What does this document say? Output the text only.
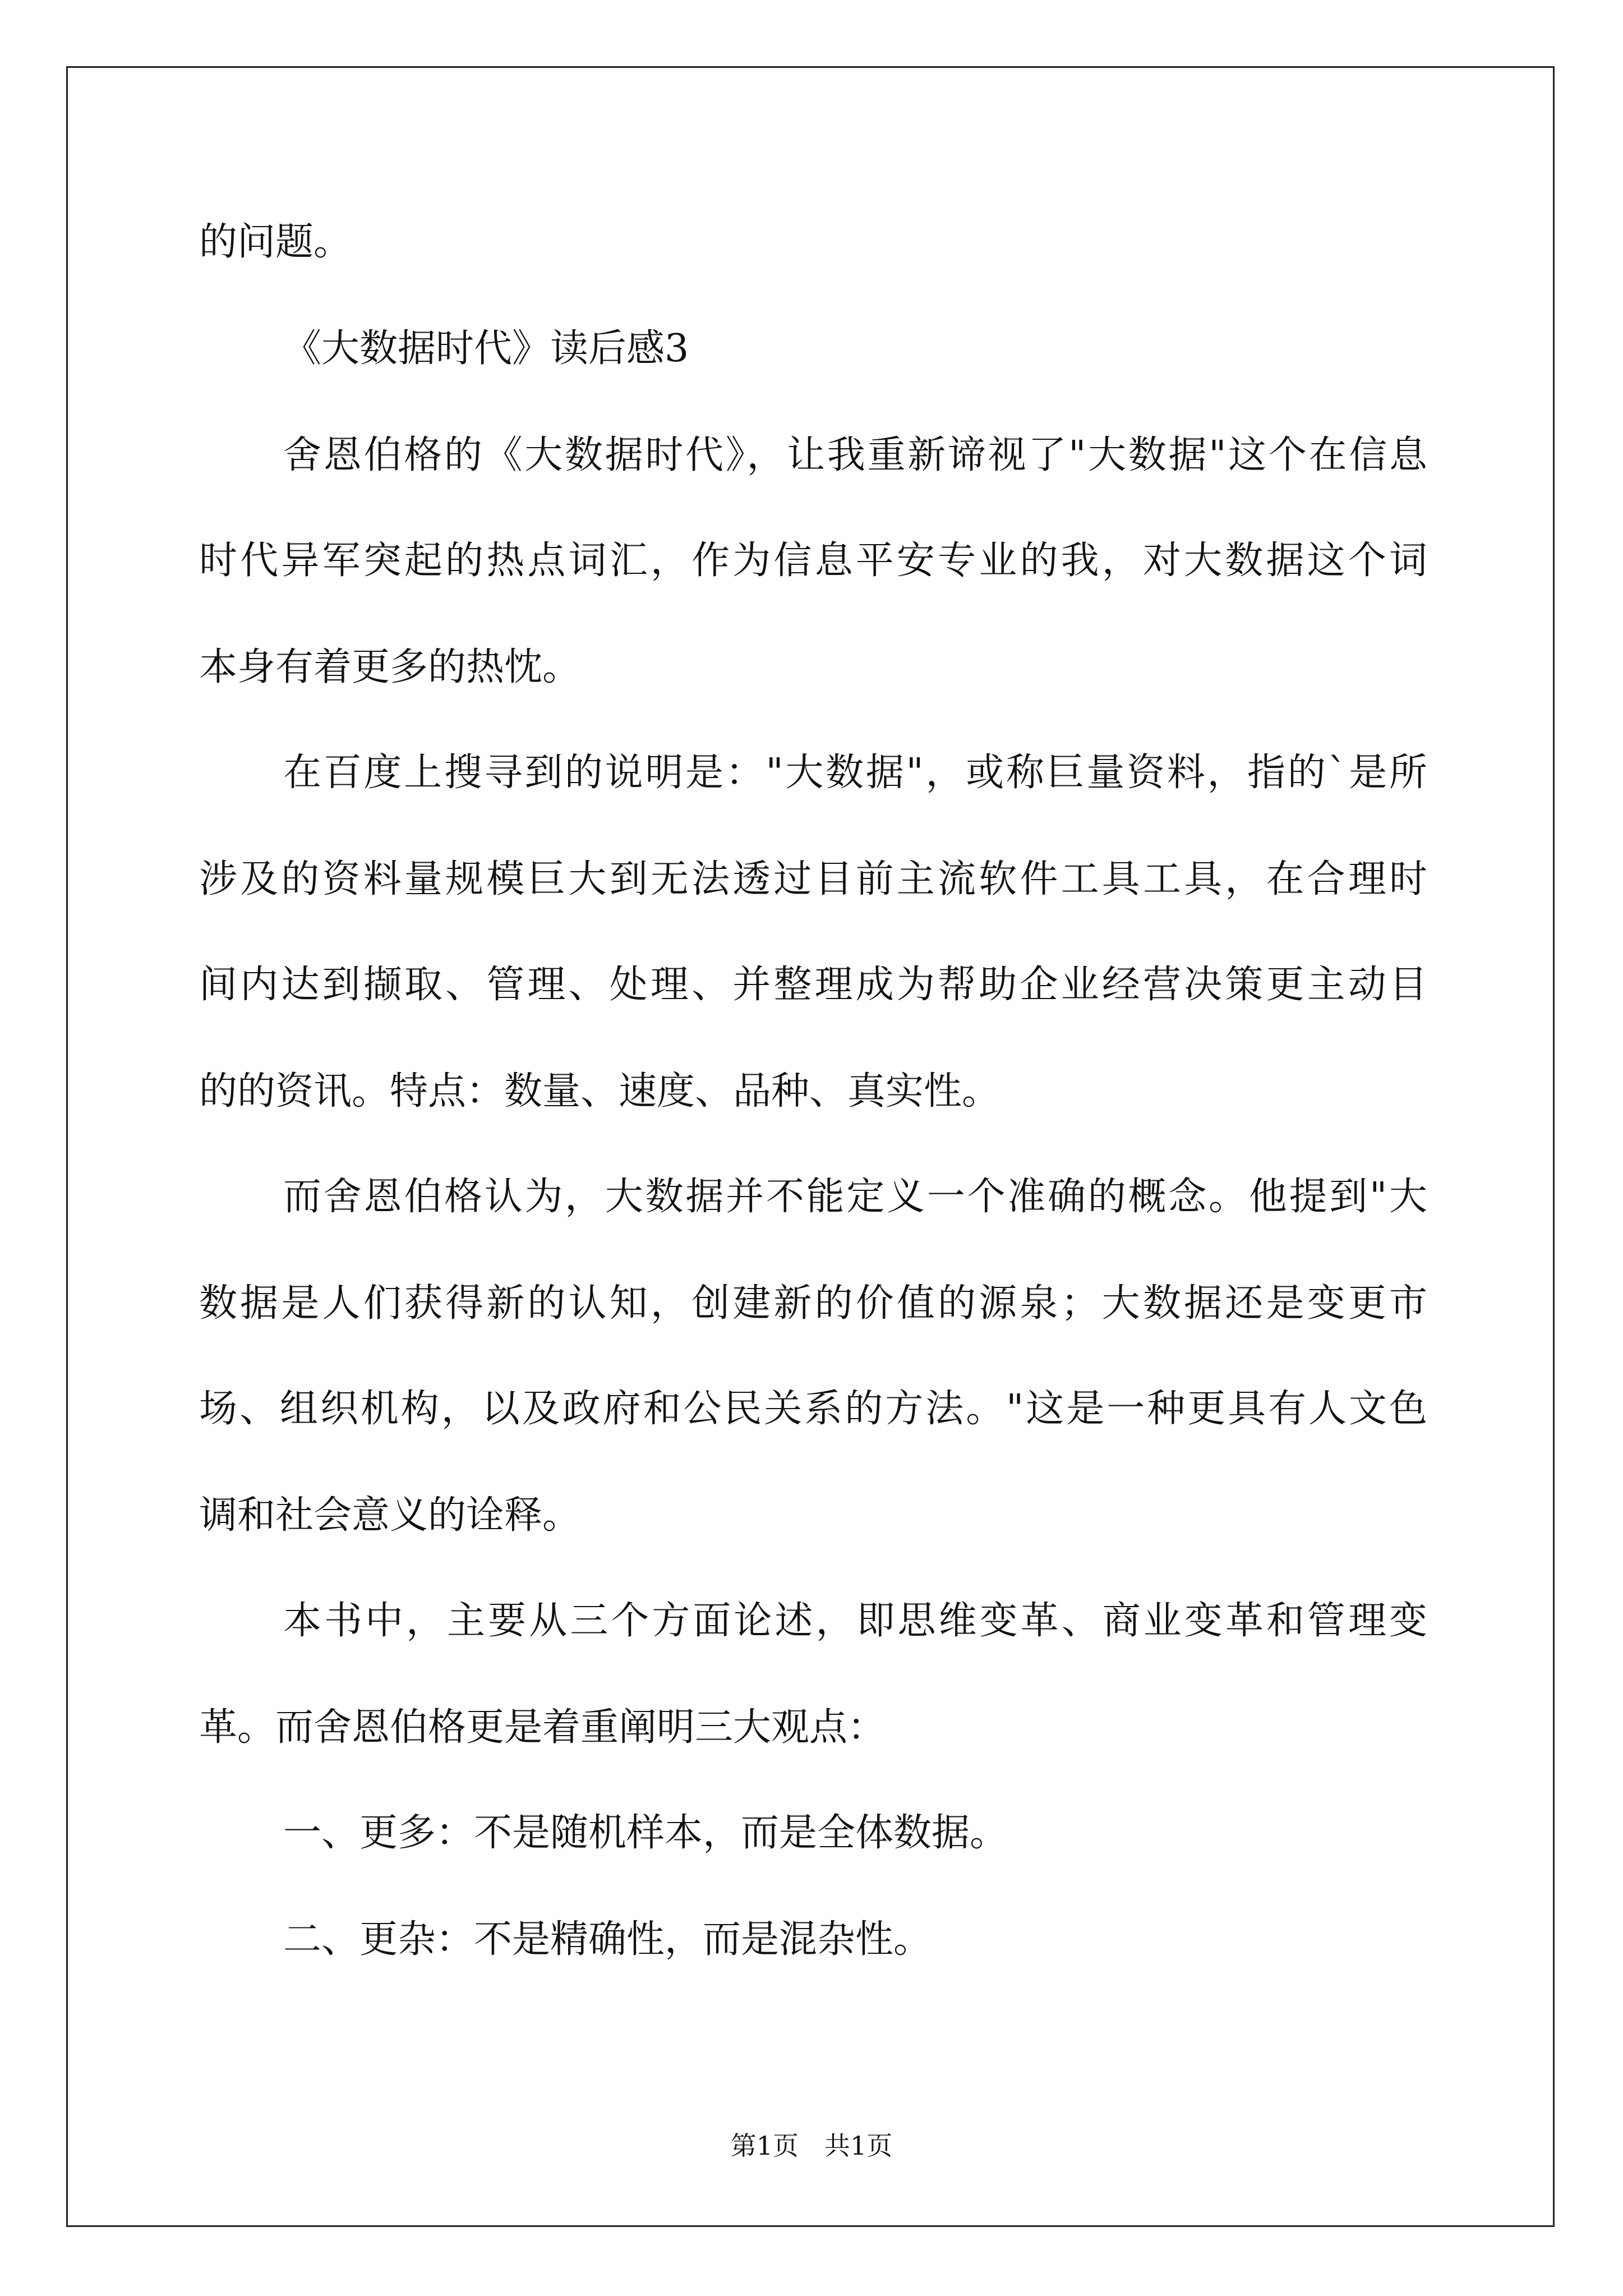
的问题。
《大数据时代》读后感3
舍恩伯格的《大数据时代》，让我重新谛视了"大数据"这个在信息
时代异军突起的热点词汇，作为信息平安专业的我，对大数据这个词
本身有着更多的热忱。
在百度上搜寻到的说明是："大数据"，或称巨量资料，指的`是所
涉及的资料量规模巨大到无法透过目前主流软件工具工具，在合理时
间内达到撷取、管理、处理、并整理成为帮助企业经营决策更主动目
的的资讯。特点：数量、速度、品种、真实性。
而舍恩伯格认为，大数据并不能定义一个准确的概念。他提到"大
数据是人们获得新的认知，创建新的价值的源泉；大数据还是变更市
场、组织机构，以及政府和公民关系的方法。"这是一种更具有人文色
调和社会意义的诠释。
本书中，主要从三个方面论述，即思维变革、商业变革和管理变
革。而舍恩伯格更是着重阐明三大观点：
一、更多：不是随机样本，而是全体数据。
二、更杂：不是精确性，而是混杂性。
第1页　共1页
